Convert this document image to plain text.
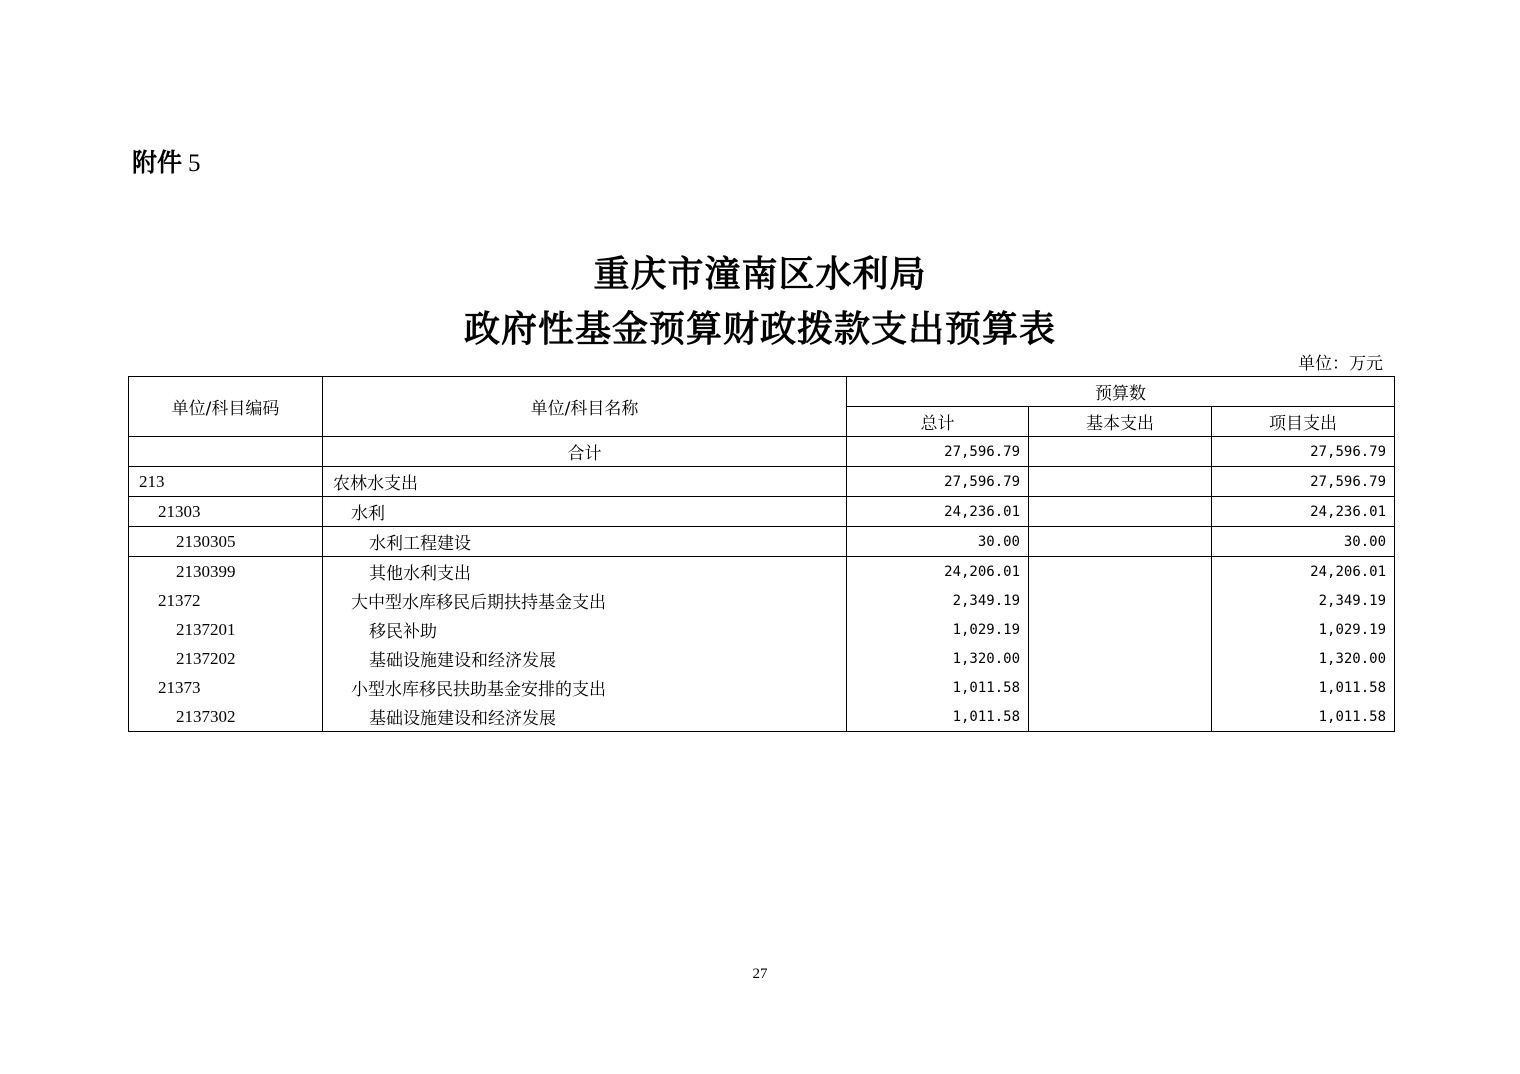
附件 5
重庆市潼南区水利局
政府性基金预算财政拨款支出预算表
单位：万元
单位/科目编码	单位/科目名称	预算数		
		总计	基本支出	项目支出
	合计	27,596.79		27,596.79
213	农林水支出	27,596.79		27,596.79
21303	水利	24,236.01		24,236.01
2130305	水利工程建设	30.00		30.00
2130399	其他水利支出	24,206.01		24,206.01
21372	大中型水库移民后期扶持基金支出	2,349.19		2,349.19
2137201	移民补助	1,029.19		1,029.19
2137202	基础设施建设和经济发展	1,320.00		1,320.00
21373	小型水库移民扶助基金安排的支出	1,011.58		1,011.58
2137302	基础设施建设和经济发展	1,011.58		1,011.58
27
